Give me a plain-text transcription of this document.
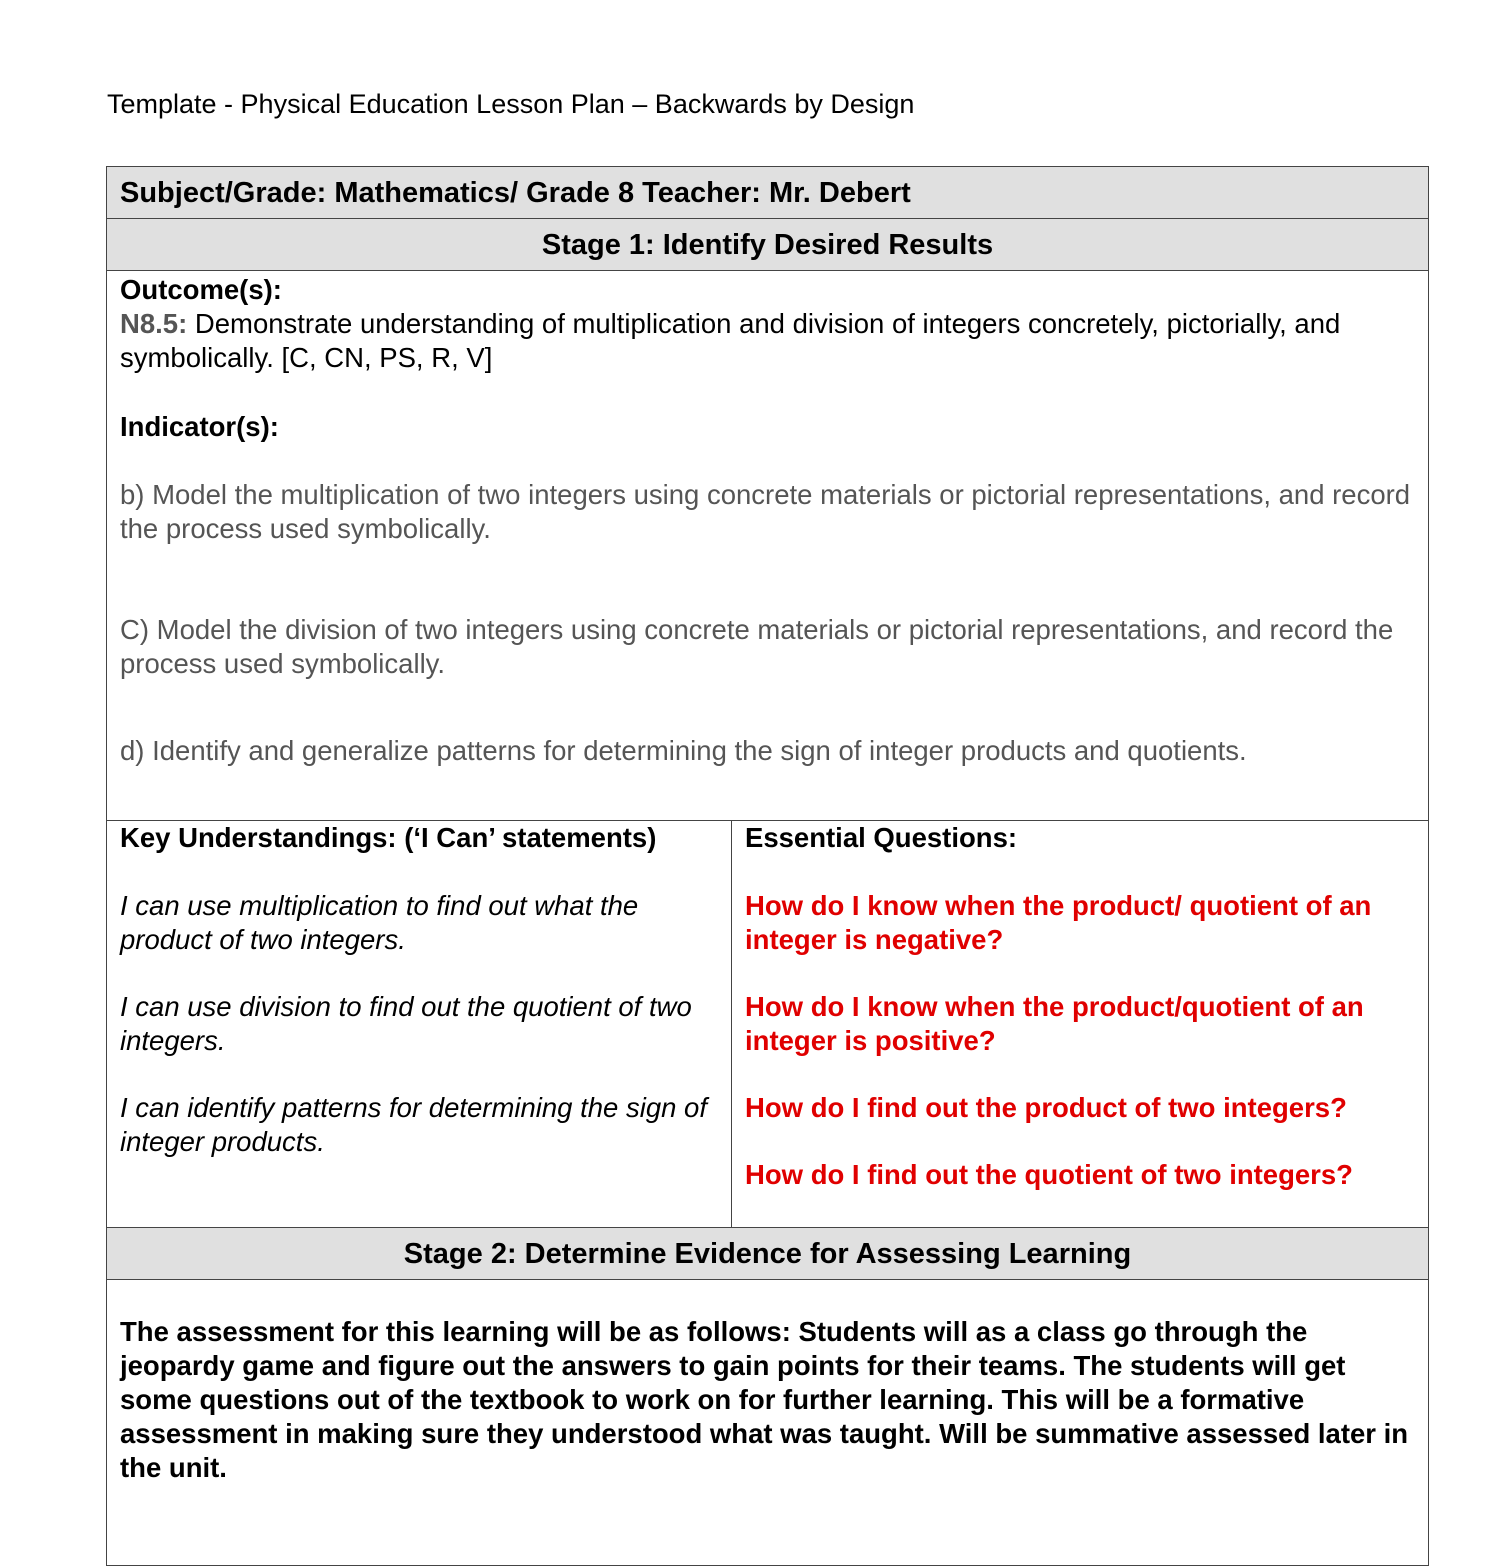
Template - Physical Education Lesson Plan – Backwards by Design
Subject/Grade: Mathematics/ Grade 8 Teacher: Mr. Debert
Stage 1: Identify Desired Results

Outcome(s):

N8.5: Demonstrate understanding of multiplication and division of integers concretely, pictorially, and symbolically. [C, CN, PS, R, V]

Indicator(s):
b) Model the multiplication of two integers using concrete materials or pictorial representations, and record the process used symbolically.
C) Model the division of two integers using concrete materials or pictorial representations, and record the process used symbolically.
d) Identify and generalize patterns for determining the sign of integer products and quotients.
Key Understandings: (‘I Can’ statements)
I can use multiplication to find out what the product of two integers.
I can use division to find out the quotient of two integers.
I can identify patterns for determining the sign of integer products.
Essential Questions:
How do I know when the product/ quotient of an integer is negative?
How do I know when the product/quotient of an integer is positive?
How do I find out the product of two integers?
How do I find out the quotient of two integers?
Stage 2: Determine Evidence for Assessing Learning
The assessment for this learning will be as follows: Students will as a class go through the jeopardy game and figure out the answers to gain points for their teams. The students will get some questions out of the textbook to work on for further learning. This will be a formative assessment in making sure they understood what was taught. Will be summative assessed later in the unit.
